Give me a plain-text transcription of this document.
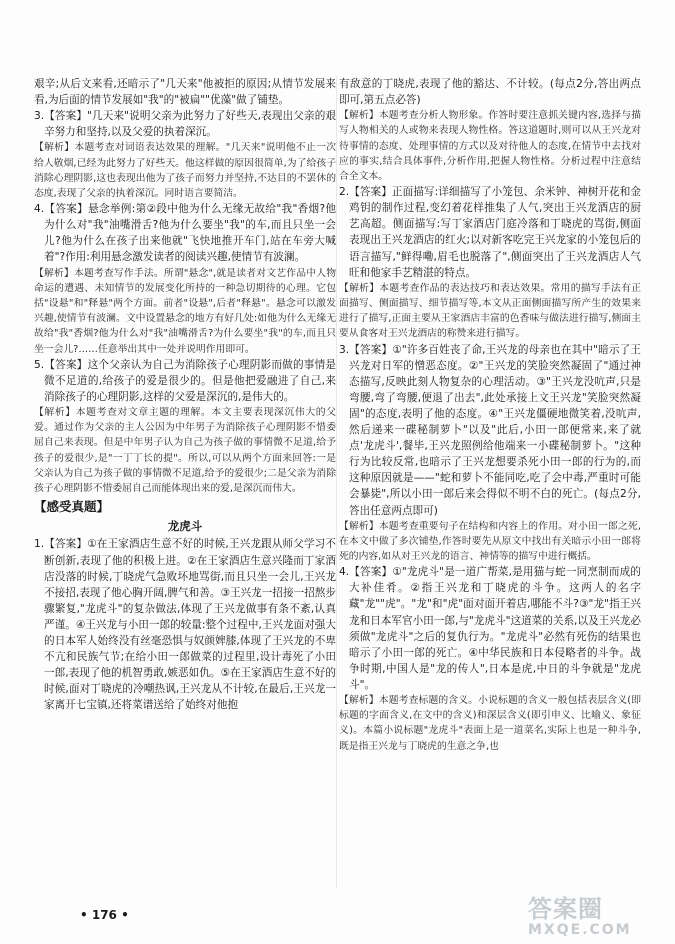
艰辛;从后文来看,还暗示了"几天来"他被拒的原因;从情节发展来看,为后面的情节发展如"我"的"被扁""优藻"做了铺垫。

3.【答案】"几天来"说明父亲为此努力了好些天,表现出父亲的艰辛努力和坚持,以及父爱的执着深沉。

【解析】本题考查对词语表达效果的理解。"几天来"说明他不止一次给人敬烟,已经为此努力了好些天。他这样做的原因很简单,为了给孩子消除心理阴影,这也表现出他为了孩子而努力并坚持,不达目的不罢休的态度,表现了父亲的执着深沉。同时语言要简洁。

4.【答案】悬念举例:第②段中他为什么无缘无故给"我"香烟?他为什么对"我"油嘴滑舌?他为什么要坐"我"的车,而且只坐一会儿?他为什么在孩子出来他就"飞快地推开车门,站在车旁大喊着"?作用:利用悬念激发读者的阅读兴趣,使情节有波澜。

【解析】本题考查写作手法。所谓"悬念",就是读者对文艺作品中人物命运的遭遇、未知情节的发展变化所持的一种急切期待的心理。它包括"设悬"和"释悬"两个方面。前者"设悬",后者"释悬"。悬念可以激发兴趣,使情节有波澜。文中设置悬念的地方有好几处:如他为什么无缘无故给"我"香烟?他为什么对"我"油嘴滑舌?为什么要坐"我"的车,而且只坐一会儿?……任意举出其中一处并说明作用即可。

5.【答案】这个父亲认为自己为消除孩子心理阴影而做的事情是微不足道的,给孩子的爱是很少的。但是他把爱融进了自己,来消除孩子的心理阴影,这样的父爱是深沉的,是伟大的。

【解析】本题考查对文章主题的理解。本文主要表现深沉伟大的父爱。通过作为父亲的主人公因为中年男子为消除孩子心理阴影不惜委屈自己来表现。但是中年男子认为自己为孩子做的事情微不足道,给予孩子的爱很少,是"一丁丁长的提"。所以,可以从两个方面来回答:一是父亲认为自己为孩子做的事情微不足道,给予的爱很少;二是父亲为消除孩子心理阴影不惜委屈自己而能体现出来的爱,是深沉而伟大。

【感受真题】
龙虎斗

1.【答案】①在王家酒店生意不好的时候,王兴龙跟从师父学习不断创新,表现了他的积极上进。②在王家酒店生意兴隆而丁家酒店没落的时候,丁晓虎气急败坏地骂街,而且只坐一会儿,王兴龙不接招,表现了他心胸开阔,脾气和善。③王兴龙一招接一招熬步骤繁复,"龙虎斗"的复杂做法,体现了王兴龙做事有条不紊,认真严谨。④王兴龙与小田一郎的较量:整个过程中,王兴龙面对强大的日本军人始终没有丝毫恐惧与奴颜婢膝,体现了王兴龙的不卑不亢和民族气节;在给小田一郎做菜的过程里,设计毒死了小田一郎,表现了他的机智勇敢,嫉恶如仇。⑤在王家酒店生意不好的时候,面对丁晓虎的冷嘲热讽,王兴龙从不计较,在最后,王兴龙一家离开七宝镇,还将菜谱送给了始终对他抱

有敌意的丁晓虎,表现了他的豁达、不计较。(每点2分,答出两点即可,第五点必答)

【解析】本题考查分析人物形象。作答时要注意抓关键内容,选择与描写人物相关的人或物来表现人物性格。答这道题时,则可以从王兴龙对待事情的态度、处理事情的方式以及对待他人的态度,在情节中去找对应的事实,结合具体事件,分析作用,把握人物性格。分析过程中注意结合全文本。

2.【答案】正面描写:详细描写了小笼包、余米钟、神树开花和金鸡钥的制作过程,变幻着花样推集了人气,突出王兴龙酒店的厨艺高超。侧面描写:写丁家酒店门庭冷落和丁晓虎的骂街,侧面表现出王兴龙酒店的红火;以对新客吃完王兴龙家的小笼包后的语言描写,"鲜得嘞,眉毛也脱落了",侧面突出了王兴龙酒店人气旺和他家手艺精湛的特点。

【解析】本题考查作品的表达技巧和表达效果。常用的描写手法有正面描写、侧面描写、细节描写等,本文从正面侧面描写所产生的效果来进行了描写,正面主要从王家酒店丰富的色香味与做法进行描写,侧面主要从食客对王兴龙酒店的称赞来进行描写。

3.【答案】①"许多百姓丧了命,王兴龙的母亲也在其中"暗示了王兴龙对日军的憎恶态度。②"王兴龙的笑脸突然凝固了"通过神态描写,反映此刻人物复杂的心理活动。③"王兴龙没吭声,只是弯腰,弯了弯腰,便退了出去",此处承接上文王兴龙"笑脸突然凝固"的态度,表明了他的态度。④"王兴龙僵硬地微笑着,没吭声,然后递来一碟秘制萝卜"以及"此后,小田一郎便常来,来了就点'龙虎斗',餐毕,王兴龙照例给他端来一小碟秘制萝卜。"这种行为比较反常,也暗示了王兴龙想要杀死小田一郎的行为的,而这种原因就是——"蛇和萝卜不能同吃,吃了会中毒,严重时可能会暴毙",所以小田一郎后来会得似不明不白的死亡。(每点2分,答出任意两点即可)

【解析】本题考查重要句子在结构和内容上的作用。对小田一郎之死,在本文中做了多次铺垫,作答时要先从原文中找出有关暗示小田一郎将死的内容,如从对王兴龙的语言、神情等的描写中进行概括。

4.【答案】①"龙虎斗"是一道广帮菜,是用猫与蛇一同烹制而成的大补佳肴。②指王兴龙和丁晓虎的斗争。这两人的名字藏"龙""虎"。"龙"和"虎"面对面开着店,哪能不斗?③"龙"指王兴龙和日本军官小田一郎,与"龙虎斗"这道菜的关系,以及王兴龙必须做"龙虎斗"之后的复仇行为。"龙虎斗"必然有死伤的结果也暗示了小田一郎的死亡。④中华民族和日本侵略者的斗争。战争时期,中国人是"龙的传人",日本是虎,中日的斗争就是"龙虎斗"。

【解析】本题考查标题的含义。小说标题的含义一般包括表层含义(即标题的字面含义,在文中的含义)和深层含义(即引申义、比喻义、象征义)。本篇小说标题"龙虎斗"表面上是一道菜名,实际上也是一种斗争,既是指王兴龙与丁晓虎的生意之争,也

• 176 •	答案圈
MXQE.COM
